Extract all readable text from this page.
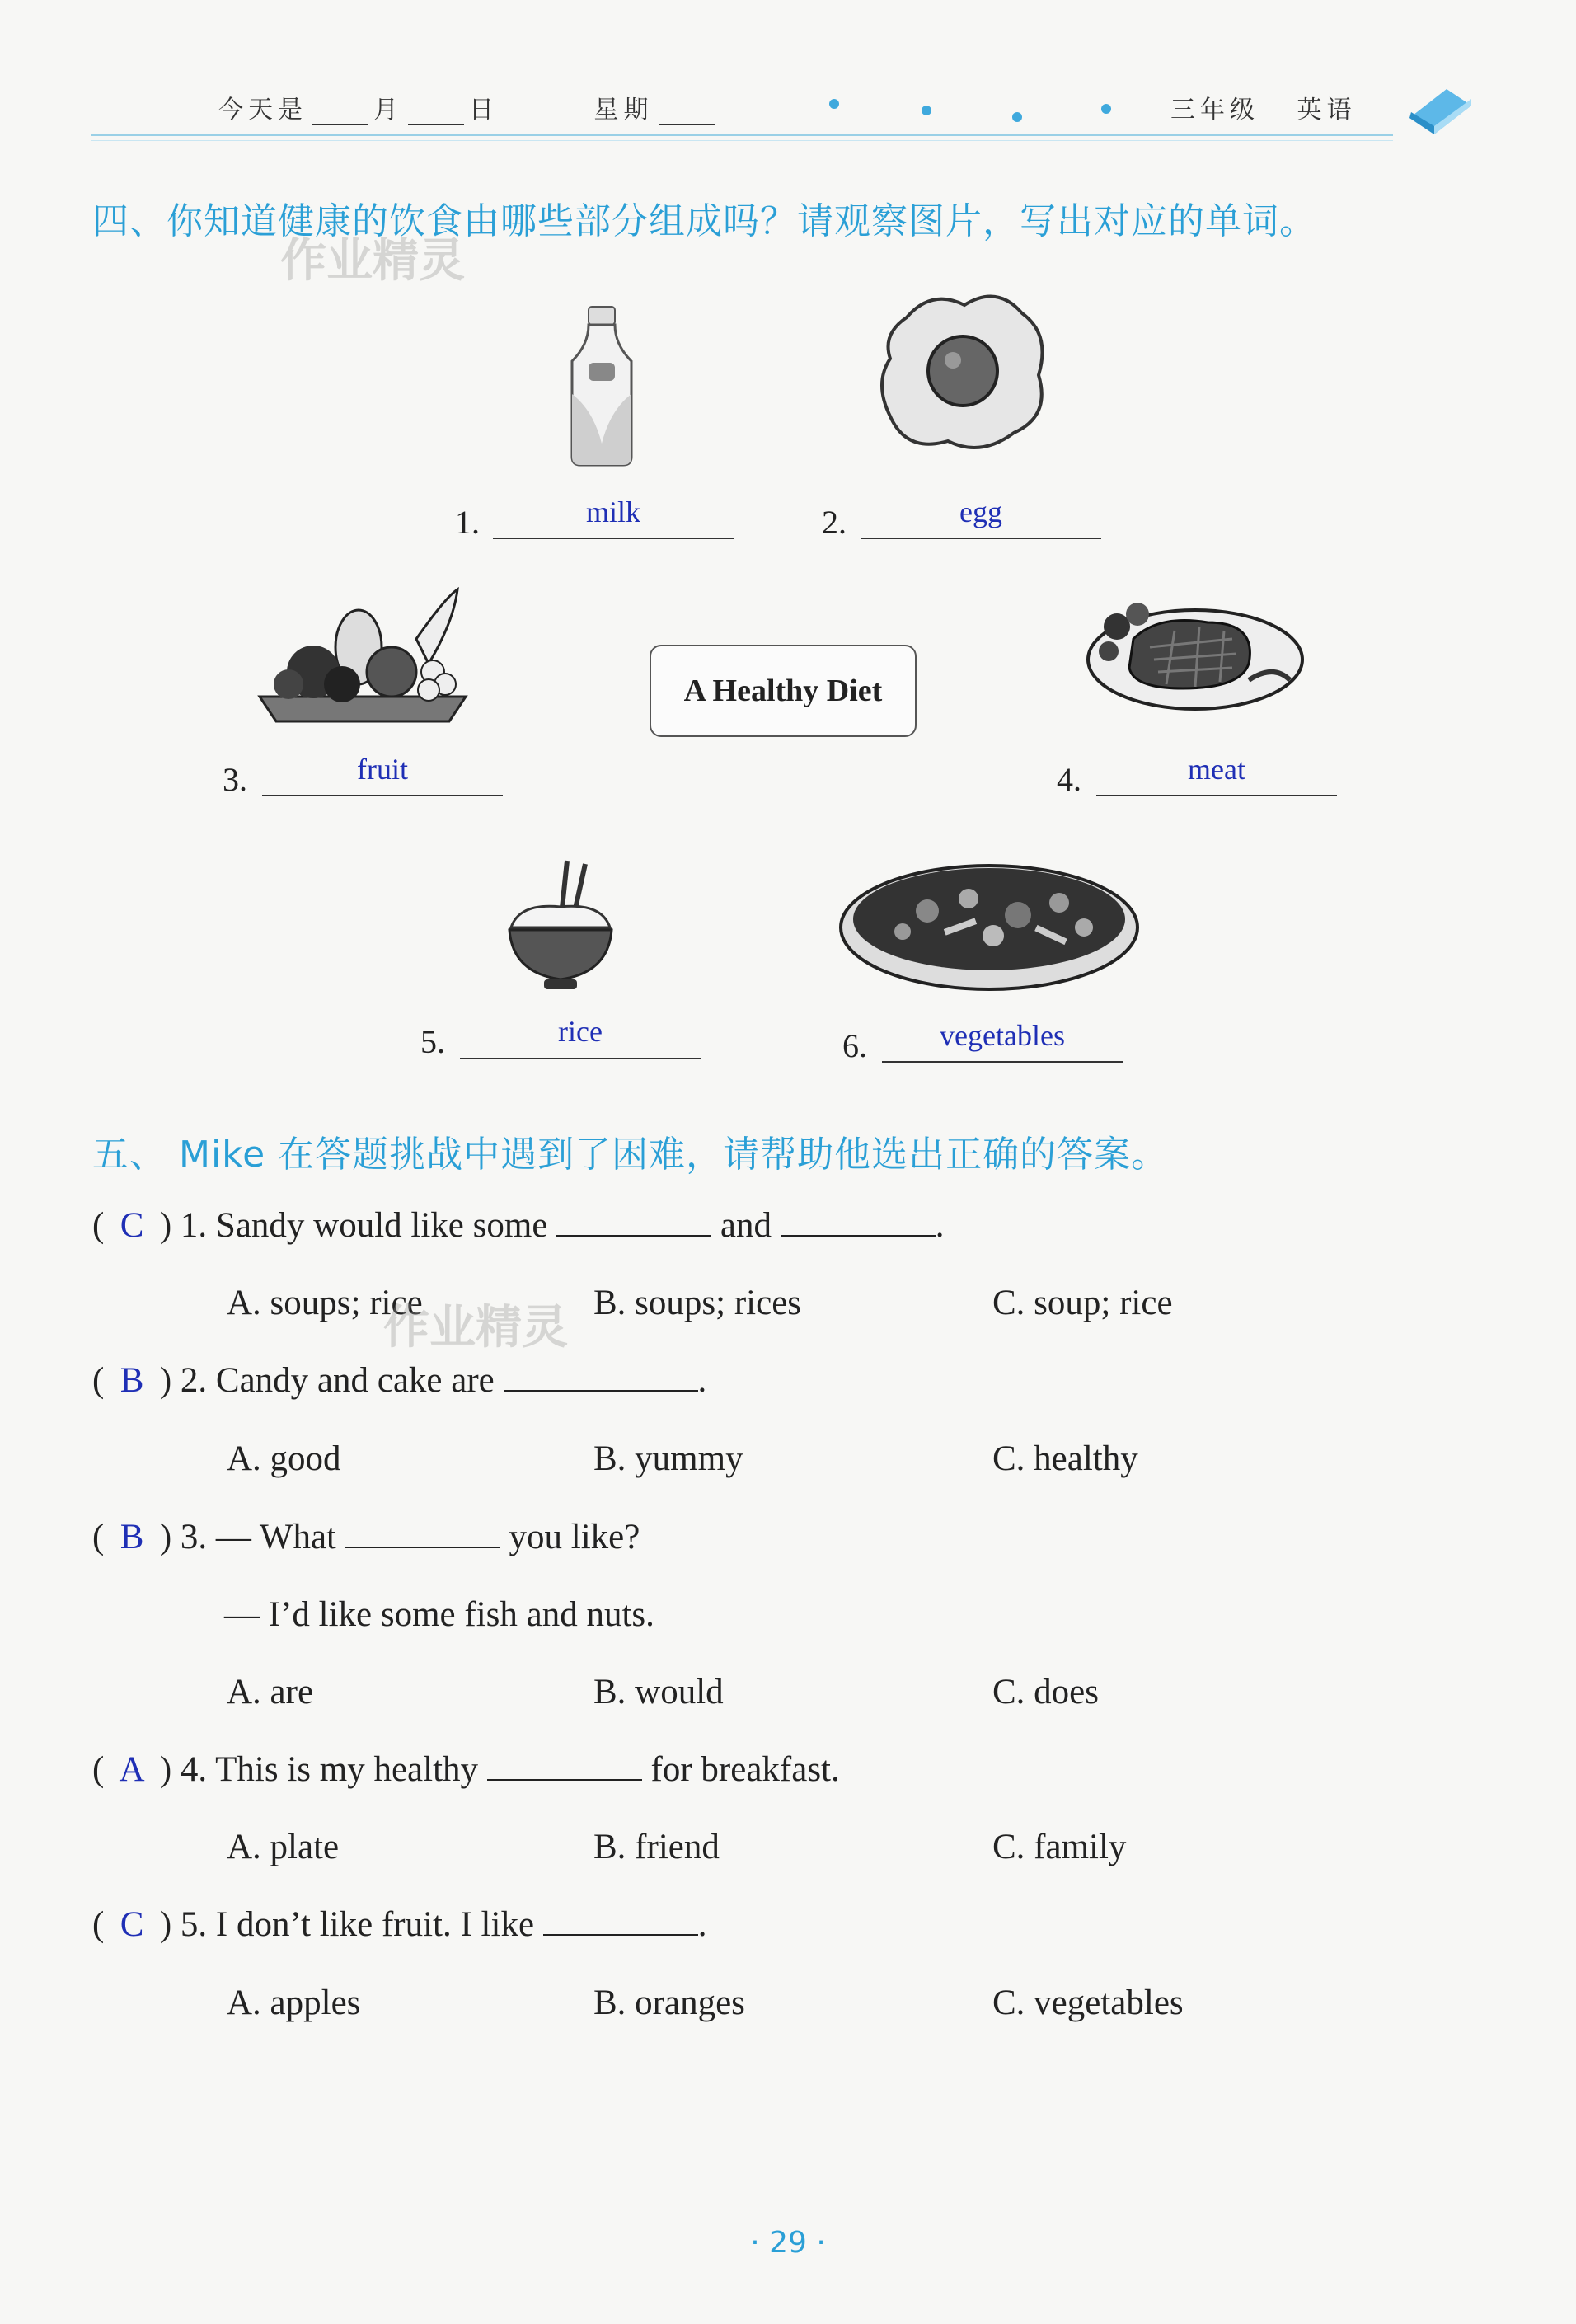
今天是	月	日	星期	三年级 英语
四、你知道健康的饮食由哪些部分组成吗？请观察图片，写出对应的单词。
作业精灵
1.	milk	2.	egg
3.	fruit
A Healthy Diet
4.	meat
5.	rice	6.	vegetables
五、 Mike 在答题挑战中遇到了困难，请帮助他选出正确的答案。
( C ) 1. Sandy would like some	and	.
A. soups; rice	B. soups; rices	C. soup; rice
作业精灵
( B ) 2. Candy and cake are	.
A. good	B. yummy	C. healthy
( B ) 3. — What	you like?
— I’d like some fish and nuts.
A. are	B. would	C. does
( A ) 4. This is my healthy	for breakfast.
A. plate	B. friend	C. family
( C ) 5. I don’t like fruit. I like	.
A. apples	B. oranges	C. vegetables
· 29 ·
